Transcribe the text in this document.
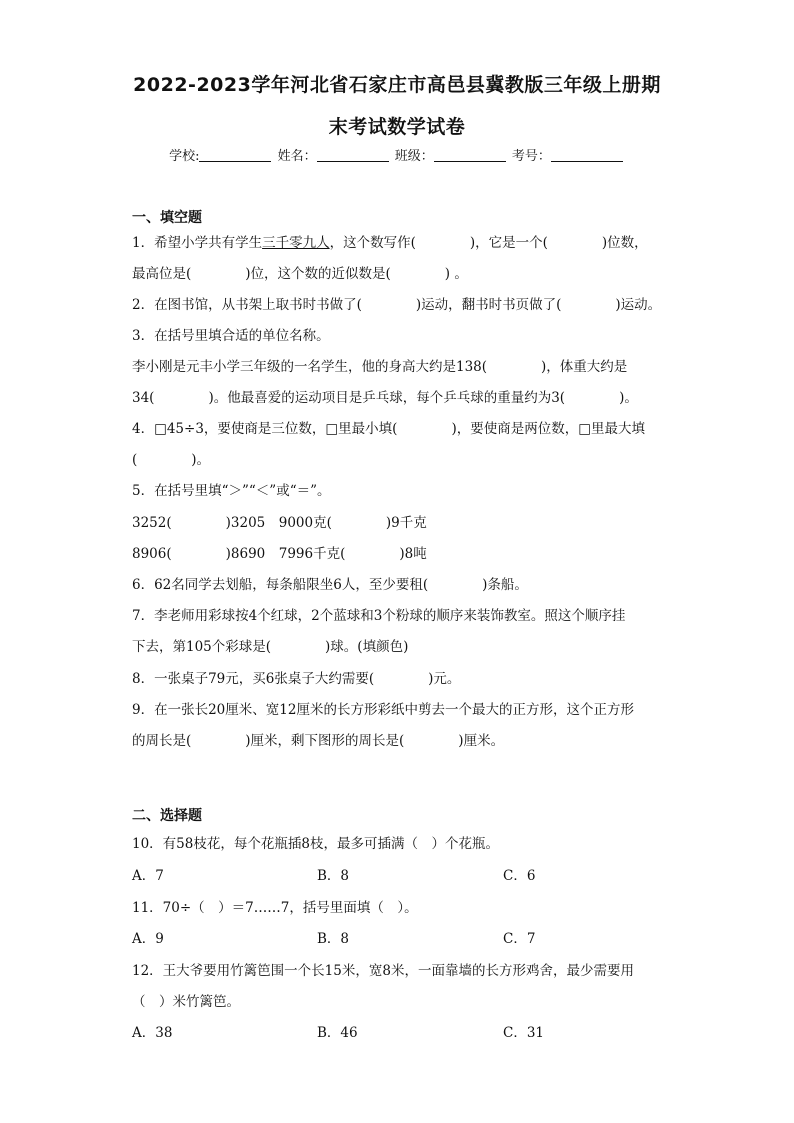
2022-2023学年河北省石家庄市高邑县冀教版三年级上册期
末考试数学试卷
学校:	姓名：	班级：	考号：
一、填空题
1．希望小学共有学生三千零九人，这个数写作(　　　　)，它是一个(　　　　)位数，
最高位是(　　　　)位，这个数的近似数是(　　　　) 。
2．在图书馆，从书架上取书时书做了(　　　　)运动，翻书时书页做了(　　　　)运动。
3．在括号里填合适的单位名称。
李小刚是元丰小学三年级的一名学生，他的身高大约是138(　　　　)，体重大约是
34(　　　　)。他最喜爱的运动项目是乒乓球，每个乒乓球的重量约为3(　　　　)。
4．□45÷3，要使商是三位数，□里最小填(　　　　)，要使商是两位数，□里最大填
(　　　　)。
5．在括号里填“＞”“＜”或“＝”。
3252(　　　　)3205　9000克(　　　　)9千克
8906(　　　　)8690　7996千克(　　　　)8吨
6．62名同学去划船，每条船限坐6人，至少要租(　　　　)条船。
7．李老师用彩球按4个红球，2个蓝球和3个粉球的顺序来装饰教室。照这个顺序挂
下去，第105个彩球是(　　　　)球。(填颜色)
8．一张桌子79元，买6张桌子大约需要(　　　　)元。
9．在一张长20厘米、宽12厘米的长方形彩纸中剪去一个最大的正方形，这个正方形
的周长是(　　　　)厘米，剩下图形的周长是(　　　　)厘米。
二、选择题
10．有58枝花，每个花瓶插8枝，最多可插满（　）个花瓶。
A．7	B．8	C．6
11．70÷（　）＝7……7，括号里面填（　）。
A．9	B．8	C．7
12．王大爷要用竹篱笆围一个长15米，宽8米，一面靠墙的长方形鸡舍，最少需要用
（　）米竹篱笆。
A．38	B．46	C．31
